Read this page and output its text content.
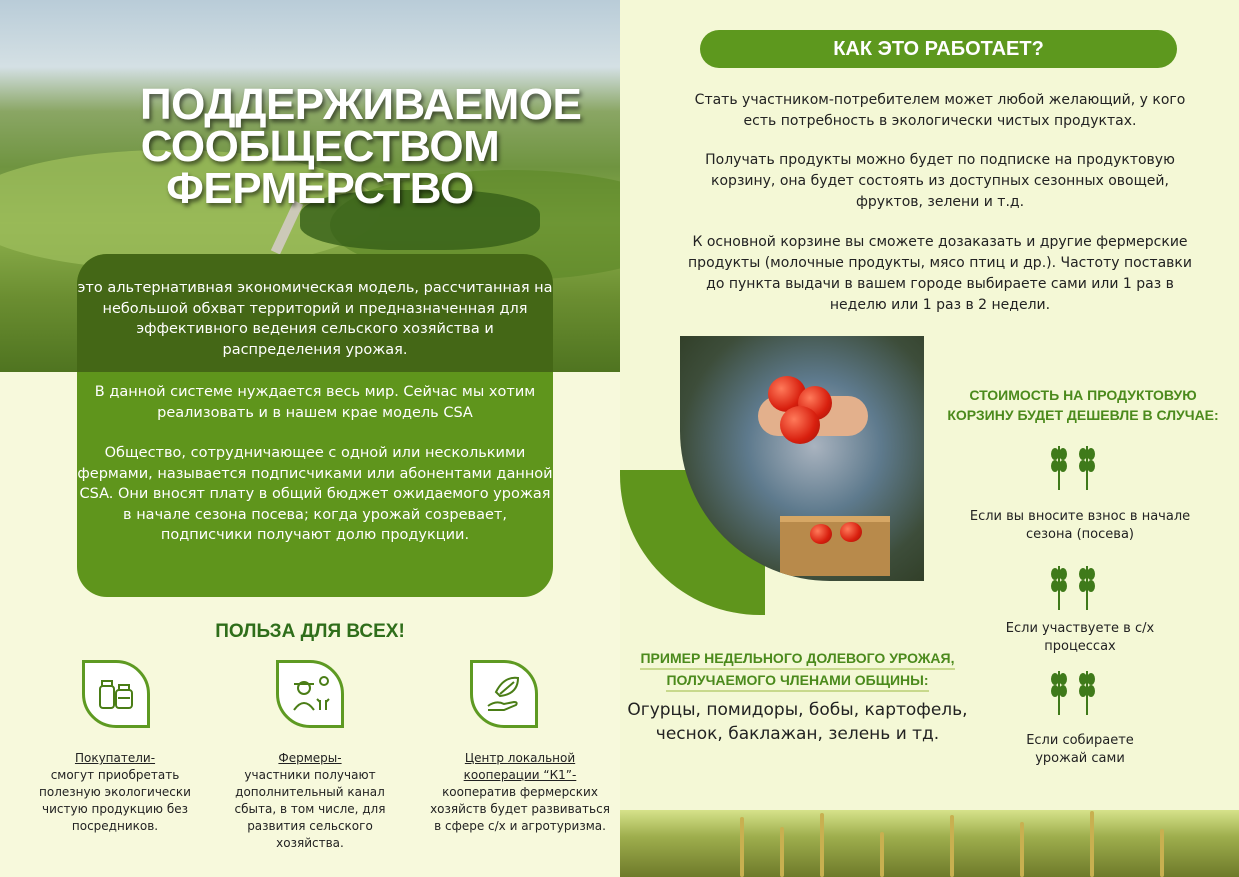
ПОДДЕРЖИВАЕМОЕ
СООБЩЕСТВОМ
ФЕРМЕРСТВО

это альтернативная экономическая модель, рассчитанная на небольшой обхват территорий и предназначенная для эффективного ведения сельского хозяйства и распределения урожая.

В данной системе нуждается весь мир. Сейчас мы хотим реализовать и в нашем крае модель CSA

Общество, сотрудничающее с одной или несколькими фермами, называется подписчиками или абонентами данной CSA. Они вносят плату в общий бюджет ожидаемого урожая в начале сезона посева; когда урожай созревает, подписчики получают долю продукции.

ПОЛЬЗА ДЛЯ ВСЕХ!
Покупатели-
смогут приобретать полезную экологически чистую продукцию без посредников.
Фермеры-
участники получают дополнительный канал сбыта, в том числе, для развития сельского хозяйства.
Центр локальной кооперации “К1”-
кооператив фермерских хозяйств будет развиваться в сфере с/х и агротуризма.
КАК ЭТО РАБОТАЕТ?
Стать участником-потребителем может любой желающий, у кого есть потребность в экологически чистых продуктах.
Получать продукты можно будет по подписке на продуктовую корзину, она будет состоять из доступных сезонных овощей, фруктов, зелени и т.д.
К основной корзине вы сможете дозаказать и другие фермерские продукты (молочные продукты, мясо птиц и др.). Частоту поставки до пункта выдачи в вашем городе выбираете сами или 1 раз в неделю или 1 раз в 2 недели.
ПРИМЕР НЕДЕЛЬНОГО ДОЛЕВОГО УРОЖАЯ,
ПОЛУЧАЕМОГО ЧЛЕНАМИ ОБЩИНЫ:
Огурцы, помидоры, бобы, картофель, чеснок, баклажан, зелень и тд.
СТОИМОСТЬ НА ПРОДУКТОВУЮ КОРЗИНУ БУДЕТ ДЕШЕВЛЕ В СЛУЧАЕ:
Если вы вносите взнос в начале сезона (посева)
Если участвуете в с/х процессах
Если собираете урожай сами
